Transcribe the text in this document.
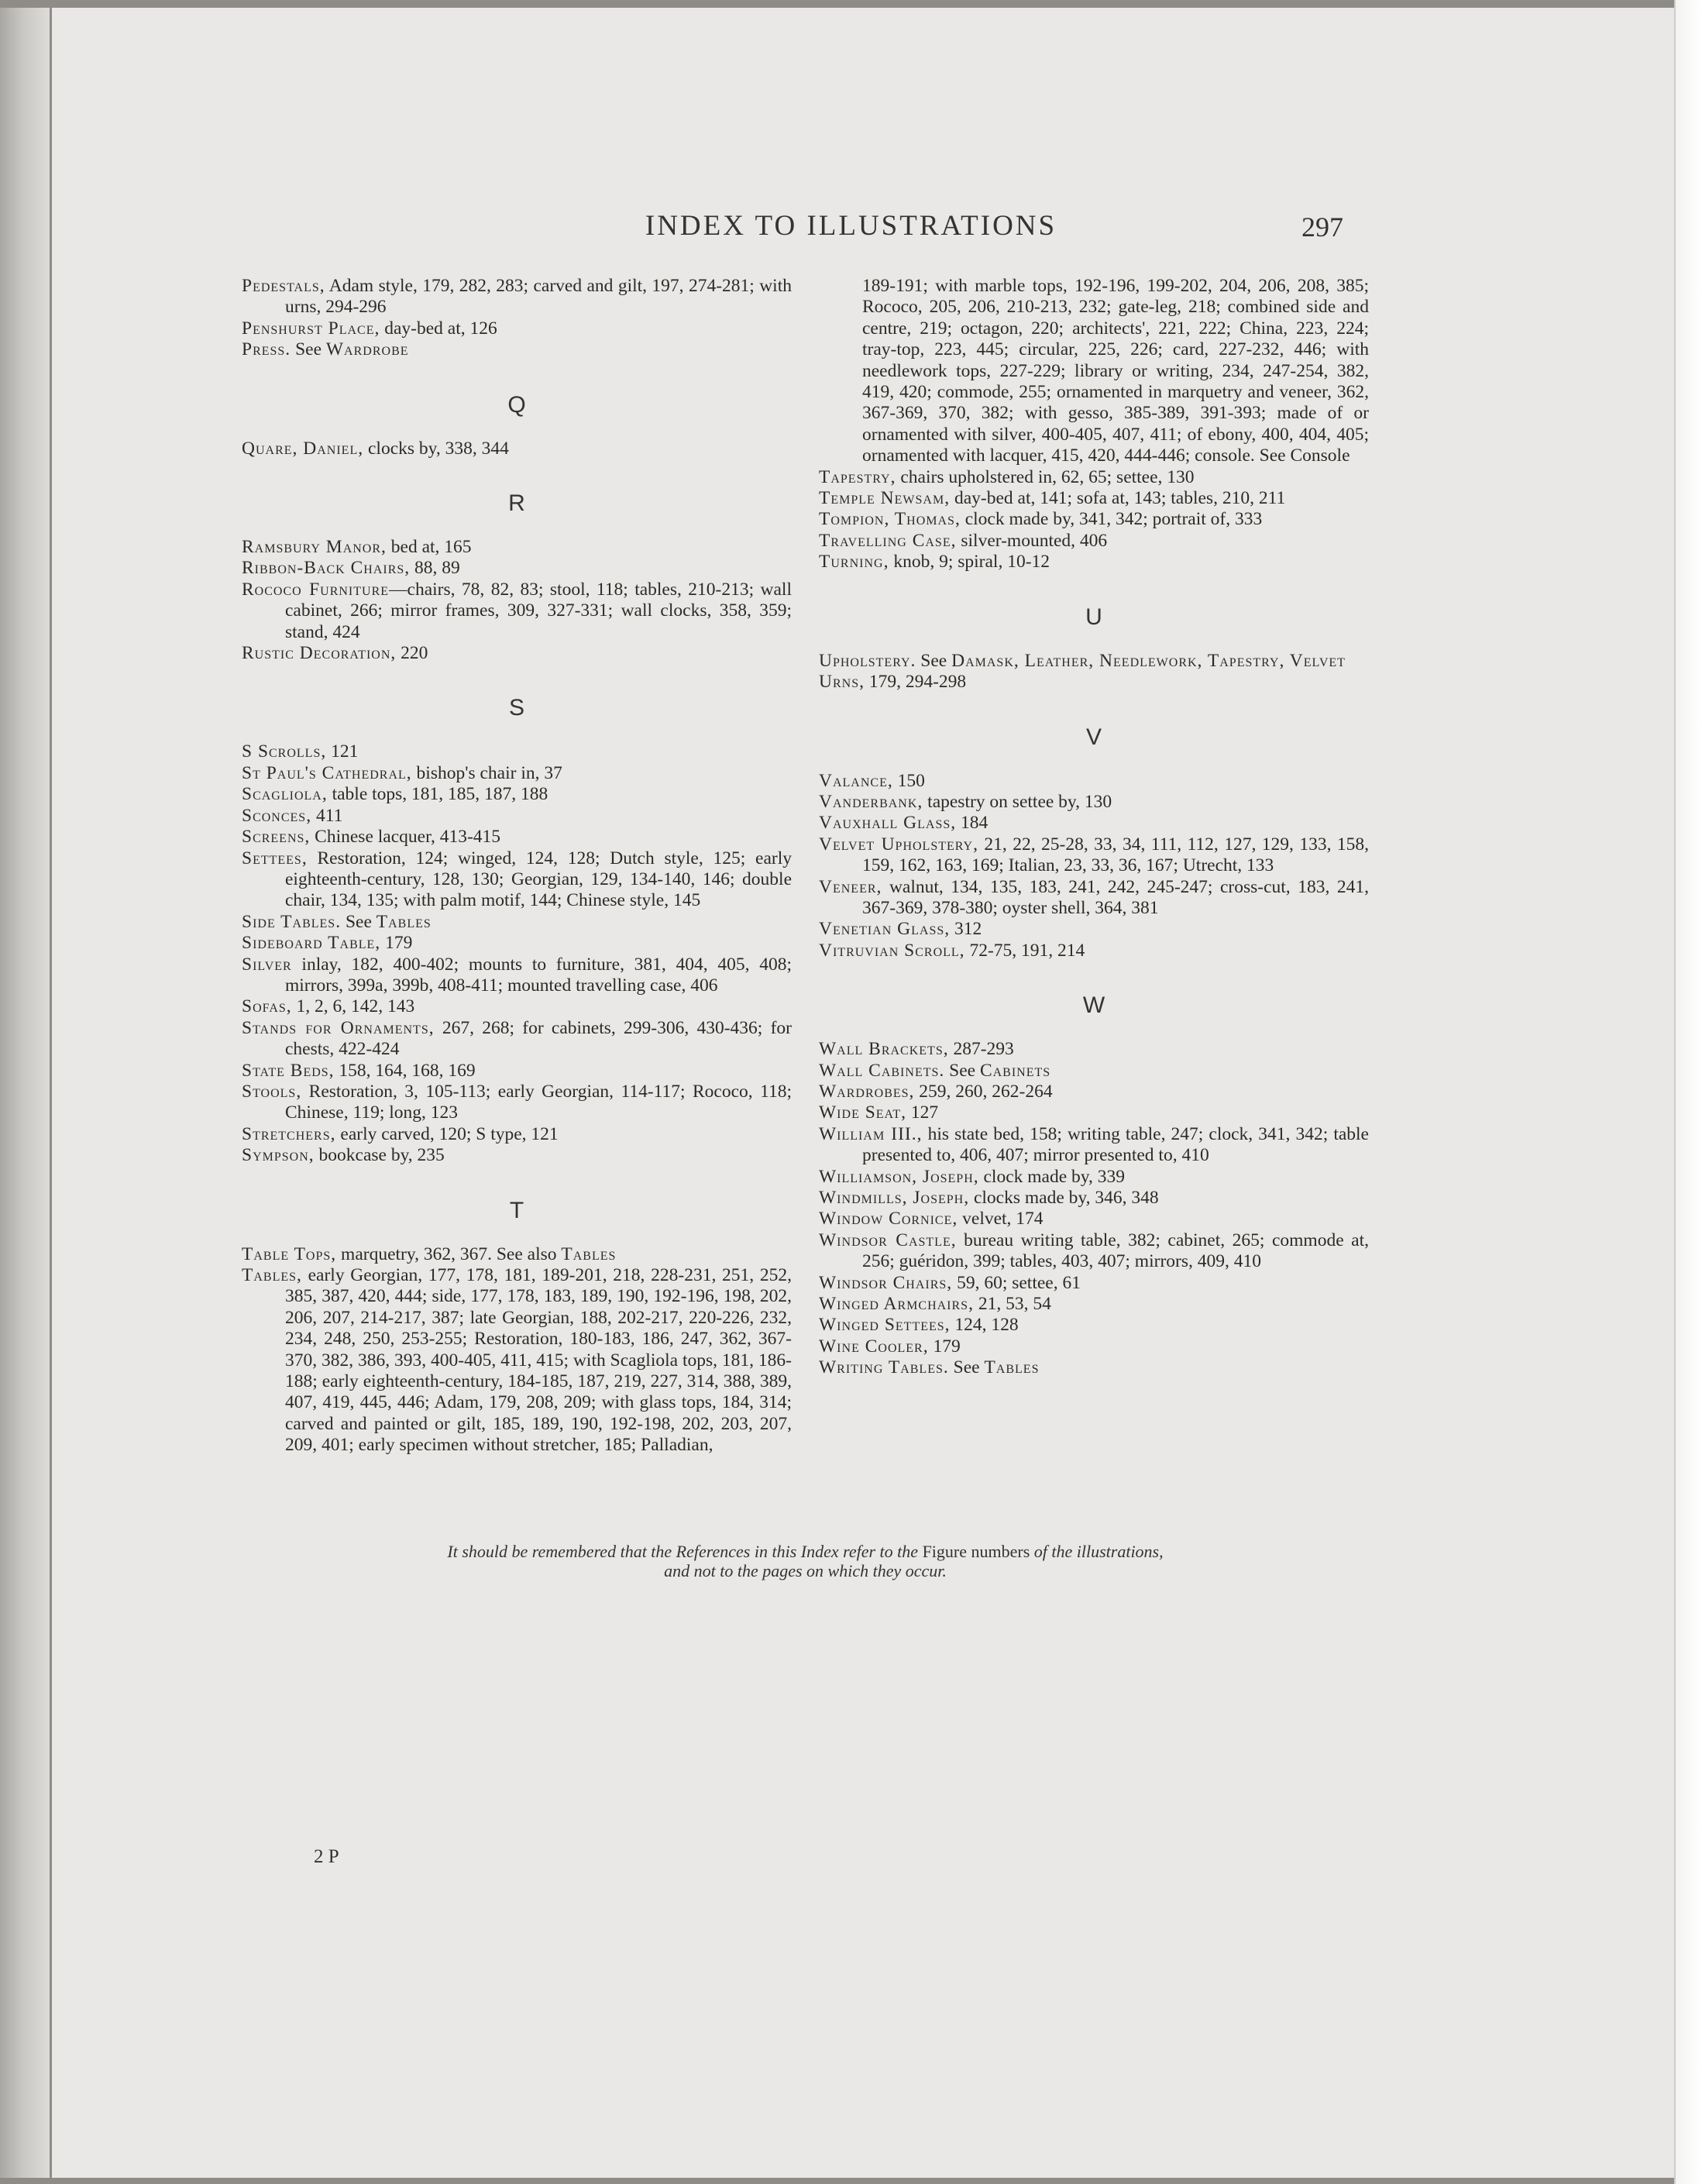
INDEX TO ILLUSTRATIONS	297
Pedestals, Adam style, 179, 282, 283; carved and gilt, 197, 274-281; with urns, 294-296
Penshurst Place, day-bed at, 126
Press. See Wardrobe
Q
Quare, Daniel, clocks by, 338, 344
R
Ramsbury Manor, bed at, 165
Ribbon-Back Chairs, 88, 89
Rococo Furniture—chairs, 78, 82, 83; stool, 118; tables, 210-213; wall cabinet, 266; mirror frames, 309, 327-331; wall clocks, 358, 359; stand, 424
Rustic Decoration, 220
S
S Scrolls, 121
St Paul's Cathedral, bishop's chair in, 37
Scagliola, table tops, 181, 185, 187, 188
Sconces, 411
Screens, Chinese lacquer, 413-415
Settees, Restoration, 124; winged, 124, 128; Dutch style, 125; early eighteenth-century, 128, 130; Georgian, 129, 134-140, 146; double chair, 134, 135; with palm motif, 144; Chinese style, 145
Side Tables. See Tables
Sideboard Table, 179
Silver inlay, 182, 400-402; mounts to furniture, 381, 404, 405, 408; mirrors, 399a, 399b, 408-411; mounted travelling case, 406
Sofas, 1, 2, 6, 142, 143
Stands for Ornaments, 267, 268; for cabinets, 299-306, 430-436; for chests, 422-424
State Beds, 158, 164, 168, 169
Stools, Restoration, 3, 105-113; early Georgian, 114-117; Rococo, 118; Chinese, 119; long, 123
Stretchers, early carved, 120; S type, 121
Sympson, bookcase by, 235
T
Table Tops, marquetry, 362, 367. See also Tables
Tables, early Georgian, 177, 178, 181, 189-201, 218, 228-231, 251, 252, 385, 387, 420, 444; side, 177, 178, 183, 189, 190, 192-196, 198, 202, 206, 207, 214-217, 387; late Georgian, 188, 202-217, 220-226, 232, 234, 248, 250, 253-255; Restoration, 180-183, 186, 247, 362, 367-370, 382, 386, 393, 400-405, 411, 415; with Scagliola tops, 181, 186-188; early eighteenth-century, 184-185, 187, 219, 227, 314, 388, 389, 407, 419, 445, 446; Adam, 179, 208, 209; with glass tops, 184, 314; carved and painted or gilt, 185, 189, 190, 192-198, 202, 203, 207, 209, 401; early specimen without stretcher, 185; Palladian,
189-191; with marble tops, 192-196, 199-202, 204, 206, 208, 385; Rococo, 205, 206, 210-213, 232; gate-leg, 218; combined side and centre, 219; octagon, 220; architects', 221, 222; China, 223, 224; tray-top, 223, 445; circular, 225, 226; card, 227-232, 446; with needlework tops, 227-229; library or writing, 234, 247-254, 382, 419, 420; commode, 255; ornamented in marquetry and veneer, 362, 367-369, 370, 382; with gesso, 385-389, 391-393; made of or ornamented with silver, 400-405, 407, 411; of ebony, 400, 404, 405; ornamented with lacquer, 415, 420, 444-446; console. See Console
Tapestry, chairs upholstered in, 62, 65; settee, 130
Temple Newsam, day-bed at, 141; sofa at, 143; tables, 210, 211
Tompion, Thomas, clock made by, 341, 342; portrait of, 333
Travelling Case, silver-mounted, 406
Turning, knob, 9; spiral, 10-12
U
Upholstery. See Damask, Leather, Needlework, Tapestry, Velvet
Urns, 179, 294-298
V
Valance, 150
Vanderbank, tapestry on settee by, 130
Vauxhall Glass, 184
Velvet Upholstery, 21, 22, 25-28, 33, 34, 111, 112, 127, 129, 133, 158, 159, 162, 163, 169; Italian, 23, 33, 36, 167; Utrecht, 133
Veneer, walnut, 134, 135, 183, 241, 242, 245-247; cross-cut, 183, 241, 367-369, 378-380; oyster shell, 364, 381
Venetian Glass, 312
Vitruvian Scroll, 72-75, 191, 214
W
Wall Brackets, 287-293
Wall Cabinets. See Cabinets
Wardrobes, 259, 260, 262-264
Wide Seat, 127
William III., his state bed, 158; writing table, 247; clock, 341, 342; table presented to, 406, 407; mirror presented to, 410
Williamson, Joseph, clock made by, 339
Windmills, Joseph, clocks made by, 346, 348
Window Cornice, velvet, 174
Windsor Castle, bureau writing table, 382; cabinet, 265; commode at, 256; guéridon, 399; tables, 403, 407; mirrors, 409, 410
Windsor Chairs, 59, 60; settee, 61
Winged Armchairs, 21, 53, 54
Winged Settees, 124, 128
Wine Cooler, 179
Writing Tables. See Tables
It should be remembered that the References in this Index refer to the Figure numbers of the illustrations,
and not to the pages on which they occur.
2 P
